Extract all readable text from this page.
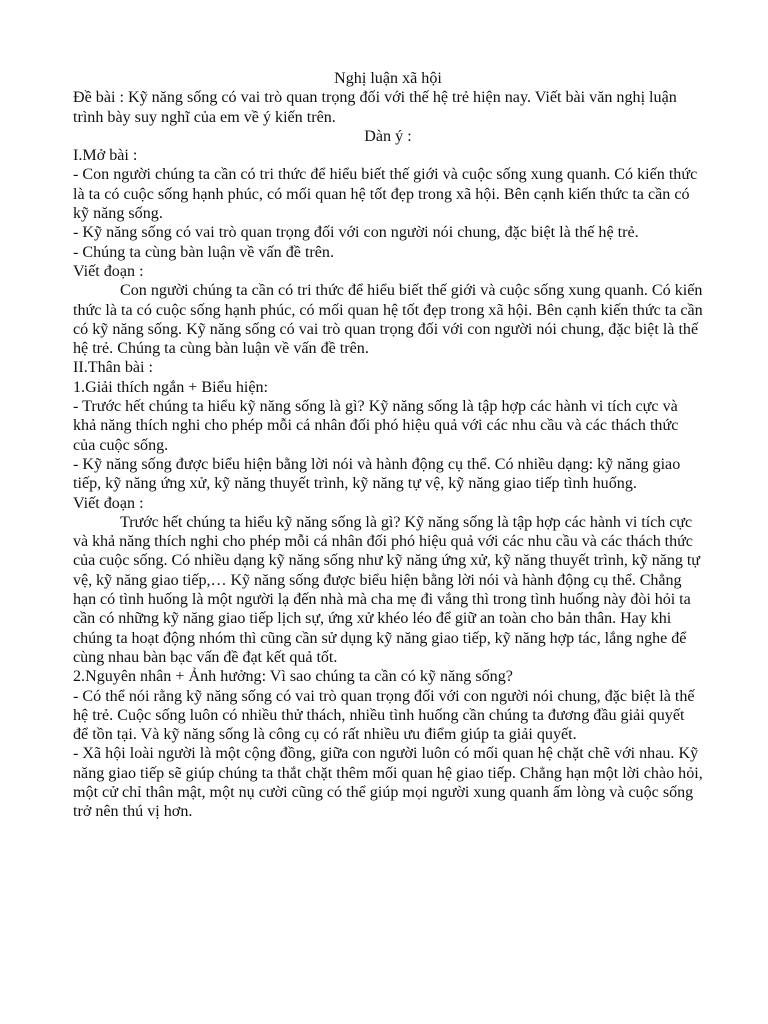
Nghị luận xã hội

Đề bài : Kỹ năng sống có vai trò quan trọng đối với thế hệ trẻ hiện nay. Viết bài văn nghị luận trình bày suy nghĩ của em về ý kiến trên.

Dàn ý :

I.Mở bài :

- Con người chúng ta cần có tri thức để hiểu biết thế giới và cuộc sống xung quanh. Có kiến thức là ta có cuộc sống hạnh phúc, có mối quan hệ tốt đẹp trong xã hội. Bên cạnh kiến thức ta cần có kỹ năng sống.

- Kỹ năng sống có vai trò quan trọng đối với con người nói chung, đặc biệt là thế hệ trẻ.

- Chúng ta cùng bàn luận về vấn đề trên.

Viết đoạn :

Con người chúng ta cần có tri thức để hiểu biết thế giới và cuộc sống xung quanh. Có kiến thức là ta có cuộc sống hạnh phúc, có mối quan hệ tốt đẹp trong xã hội. Bên cạnh kiến thức ta cần có kỹ năng sống. Kỹ năng sống có vai trò quan trọng đối với con người nói chung, đặc biệt là thế hệ trẻ. Chúng ta cùng bàn luận về vấn đề trên.

II.Thân bài :

1.Giải thích ngắn + Biểu hiện:

- Trước hết chúng ta hiểu kỹ năng sống là gì? Kỹ năng sống là tập hợp các hành vi tích cực và khả năng thích nghi cho phép mỗi cá nhân đối phó hiệu quả với các nhu cầu và các thách thức của cuộc sống.

- Kỹ năng sống được biểu hiện bằng lời nói và hành động cụ thể. Có nhiều dạng: kỹ năng giao tiếp, kỹ năng ứng xử, kỹ năng thuyết trình, kỹ năng tự vệ, kỹ năng giao tiếp tình huống.

Viết đoạn :

Trước hết chúng ta hiểu kỹ năng sống là gì? Kỹ năng sống là tập hợp các hành vi tích cực và khả năng thích nghi cho phép mỗi cá nhân đối phó hiệu quả với các nhu cầu và các thách thức của cuộc sống. Có nhiều dạng kỹ năng sống như kỹ năng ứng xử, kỹ năng thuyết trình, kỹ năng tự vệ, kỹ năng giao tiếp,… Kỹ năng sống được biểu hiện bằng lời nói và hành động cụ thể. Chẳng hạn có tình huống là một người lạ đến nhà mà cha mẹ đi vắng thì trong tình huống này đòi hỏi ta cần có những kỹ năng giao tiếp lịch sự, ứng xử khéo léo để giữ an toàn cho bản thân. Hay khi chúng ta hoạt động nhóm thì cũng cần sử dụng kỹ năng giao tiếp, kỹ năng hợp tác, lắng nghe để cùng nhau bàn bạc vấn đề đạt kết quả tốt.

2.Nguyên nhân + Ảnh hưởng: Vì sao chúng ta cần có kỹ năng sống?

- Có thể nói rằng kỹ năng sống có vai trò quan trọng đối với con người nói chung, đặc biệt là thế hệ trẻ. Cuộc sống luôn có nhiều thử thách, nhiều tình huống cần chúng ta đương đầu giải quyết để tồn tại. Và kỹ năng sống là công cụ có rất nhiều ưu điểm giúp ta giải quyết.

- Xã hội loài người là một cộng đồng, giữa con người luôn có mối quan hệ chặt chẽ với nhau. Kỹ năng giao tiếp sẽ giúp chúng ta thắt chặt thêm mối quan hệ giao tiếp. Chẳng hạn một lời chào hỏi, một cử chỉ thân mật, một nụ cười cũng có thể giúp mọi người xung quanh ấm lòng và cuộc sống trở nên thú vị hơn.
